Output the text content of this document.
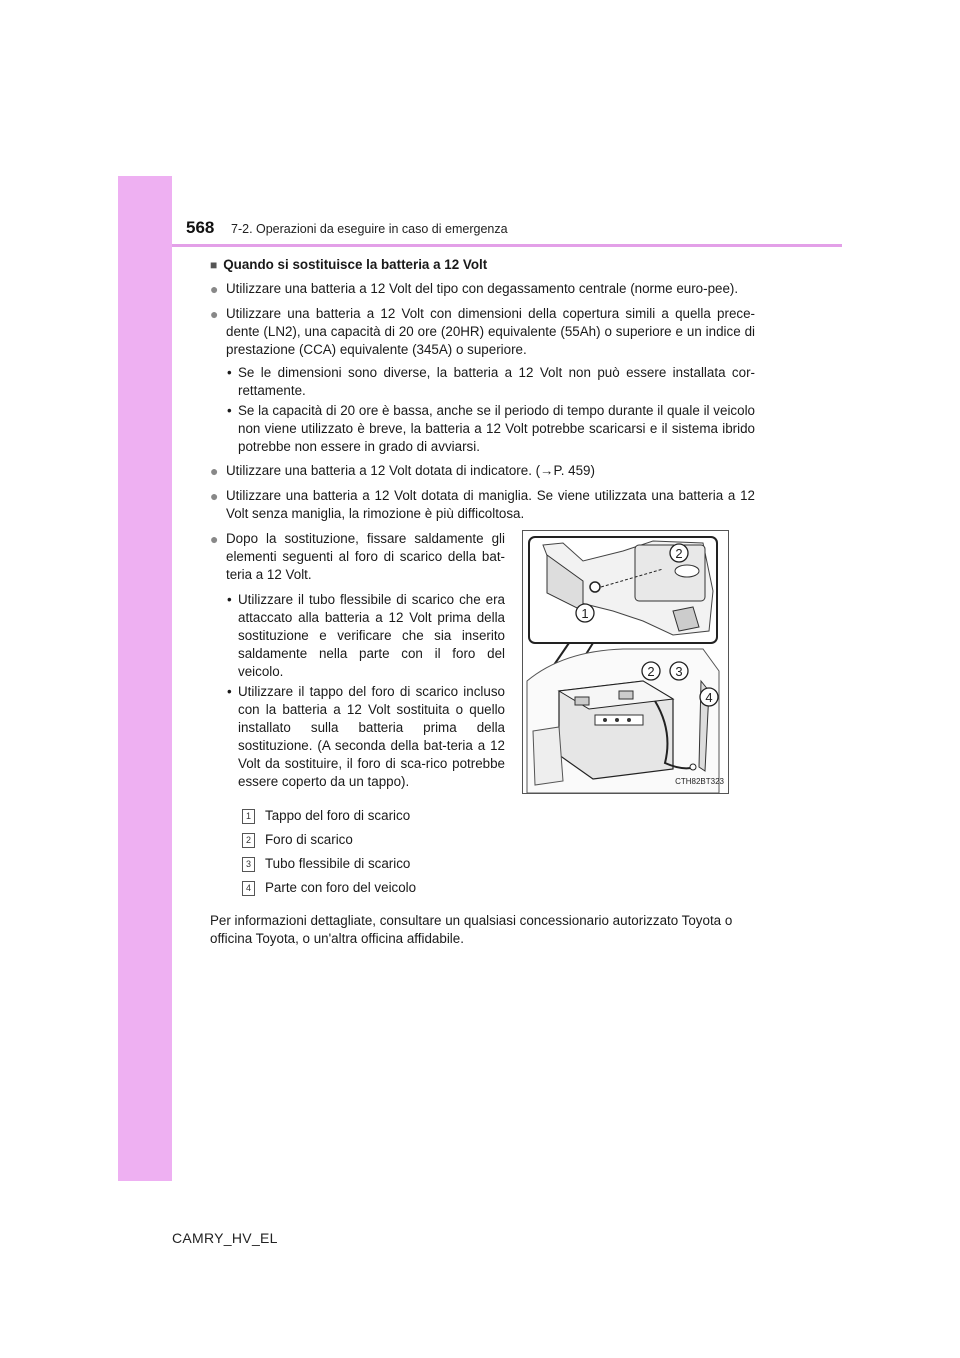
568 7-2. Operazioni da eseguire in caso di emergenza
■ Quando si sostituisce la batteria a 12 Volt
● Utilizzare una batteria a 12 Volt del tipo con degassamento centrale (norme euro-pee).
● Utilizzare una batteria a 12 Volt con dimensioni della copertura simili a quella prece-dente (LN2), una capacità di 20 ore (20HR) equivalente (55Ah) o superiore e un indice di prestazione (CCA) equivalente (345A) o superiore.
• Se le dimensioni sono diverse, la batteria a 12 Volt non può essere installata cor-rettamente.
• Se la capacità di 20 ore è bassa, anche se il periodo di tempo durante il quale il veicolo non viene utilizzato è breve, la batteria a 12 Volt potrebbe scaricarsi e il sistema ibrido potrebbe non essere in grado di avviarsi.
● Utilizzare una batteria a 12 Volt dotata di indicatore. (→P. 459)
● Utilizzare una batteria a 12 Volt dotata di maniglia. Se viene utilizzata una batteria a 12 Volt senza maniglia, la rimozione è più difficoltosa.
● Dopo la sostituzione, fissare saldamente gli elementi seguenti al foro di scarico della bat-teria a 12 Volt.
• Utilizzare il tubo flessibile di scarico che era attaccato alla batteria a 12 Volt prima della sostituzione e verificare che sia inserito saldamente nella parte con il foro del veicolo.
• Utilizzare il tappo del foro di scarico incluso con la batteria a 12 Volt sostituita o quello installato sulla batteria prima della sostituzione. (A seconda della bat-teria a 12 Volt da sostituire, il foro di sca-rico potrebbe essere coperto da un tappo).
2
1
2 3
4
CTH82BT323
1 Tappo del foro di scarico
2 Foro di scarico
3 Tubo flessibile di scarico
4 Parte con foro del veicolo
Per informazioni dettagliate, consultare un qualsiasi concessionario autorizzato Toyota o officina Toyota, o un'altra officina affidabile.
CAMRY_HV_EL
